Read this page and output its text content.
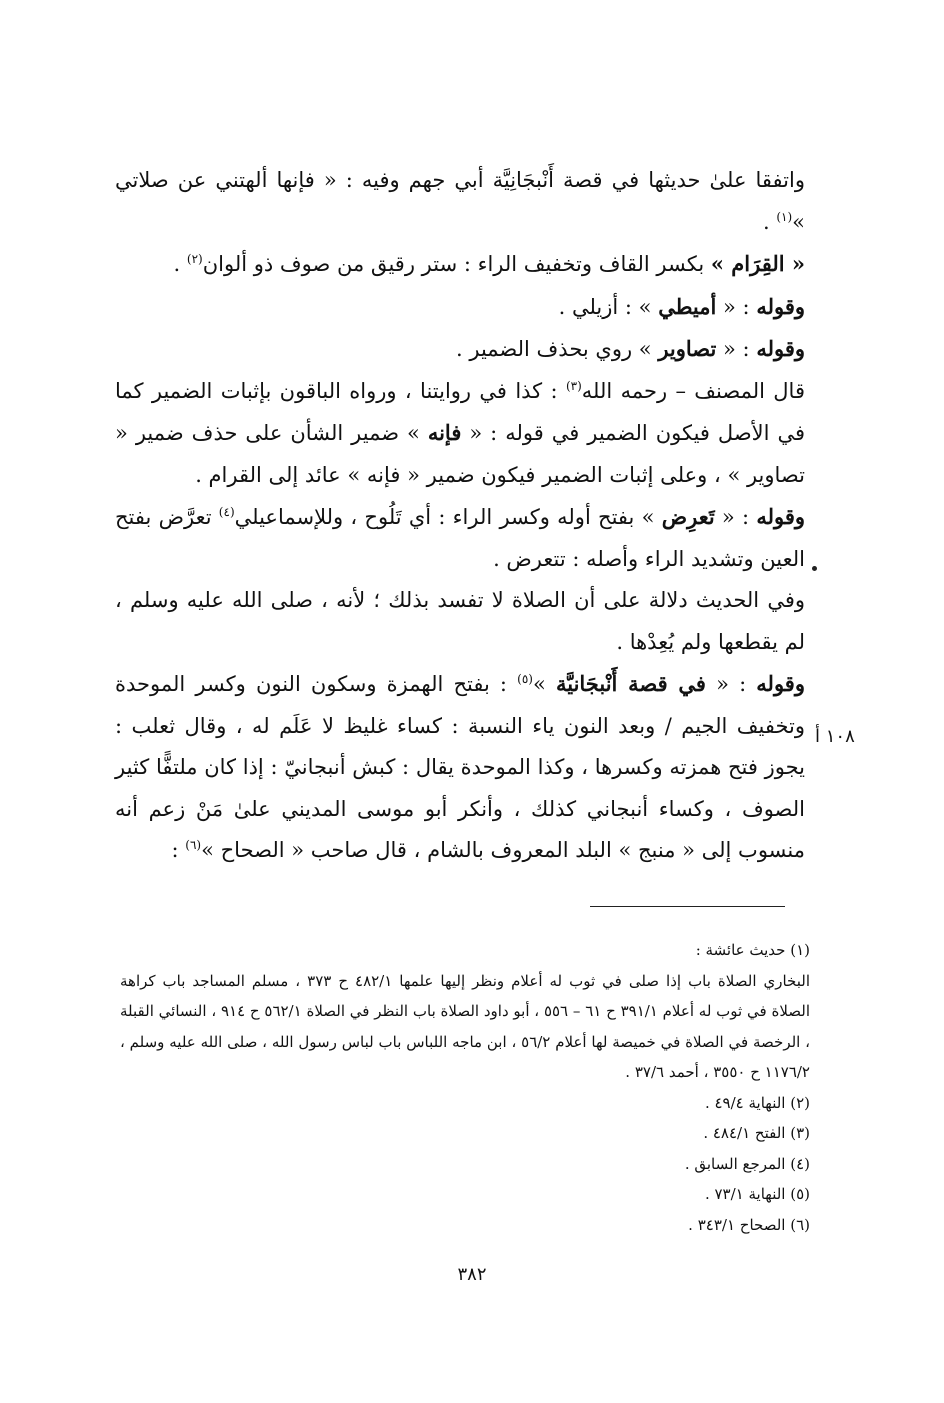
واتفقا علىٰ حديثها في قصة أَنْبجَانِيَّة أبي جهم وفيه : « فإنها ألهتني عن صلاتي »$^{(١)}$ .

« القِرَام » بكسر القاف وتخفيف الراء : ستر رقيق من صوف ذو ألوان$^{(٢)}$ .

وقوله : « أميطي » : أزيلي .

وقوله : « تصاوير » روي بحذف الضمير .

قال المصنف – رحمه الله$^{(٣)}$ : كذا في روايتنا ، ورواه الباقون بإثبات الضمير كما في الأصل فيكون الضمير في قوله : « فإنه » ضمير الشأن على حذف ضمير « تصاوير » ، وعلى إثبات الضمير فيكون ضمير « فإنه » عائد إلى القرام .

وقوله : « تَعرِض » بفتح أوله وكسر الراء : أي تَلُوح ، وللإسماعيلي$^{(٤)}$ تعرَّض بفتح العين وتشديد الراء وأصله : تتعرض .

وفي الحديث دلالة على أن الصلاة لا تفسد بذلك ؛ لأنه ، صلى الله عليه وسلم ، لم يقطعها ولم يُعِدْها .

وقوله : « في قصة أَنْبجَانيَّة »$^{(٥)}$ : بفتح الهمزة وسكون النون وكسر الموحدة وتخفيف الجيم / وبعد النون ياء النسبة : كساء غليظ لا عَلَم له ، وقال ثعلب : يجوز فتح همزته وكسرها ، وكذا الموحدة يقال : كبش أنبجانيّ : إذا كان ملتفًّا كثير الصوف ، وكساء أنبجاني كذلك ، وأنكر أبو موسى المديني علىٰ مَنْ زعم أنه منسوب إلى « منبج » البلد المعروف بالشام ، قال صاحب « الصحاح »$^{(٦)}$ :

١٠٨ أ

(١) حديث عائشة :

البخاري الصلاة باب إذا صلى في ثوب له أعلام ونظر إليها علمها ٤٨٢/١ ح ٣٧٣ ، مسلم المساجد باب كراهة الصلاة في ثوب له أعلام ٣٩١/١ ح ٦١ – ٥٥٦ ، أبو داود الصلاة باب النظر في الصلاة ٥٦٢/١ ح ٩١٤ ، النسائي القبلة ، الرخصة في الصلاة في خميصة لها أعلام ٥٦/٢ ، ابن ماجه اللباس باب لباس رسول الله ، صلى الله عليه وسلم ، ١١٧٦/٢ ح ٣٥٥٠ ، أحمد ٣٧/٦ .

(٢) النهاية ٤٩/٤ .

(٣) الفتح ٤٨٤/١ .

(٤) المرجع السابق .

(٥) النهاية ٧٣/١ .

(٦) الصحاح ٣٤٣/١ .

٣٨٢
